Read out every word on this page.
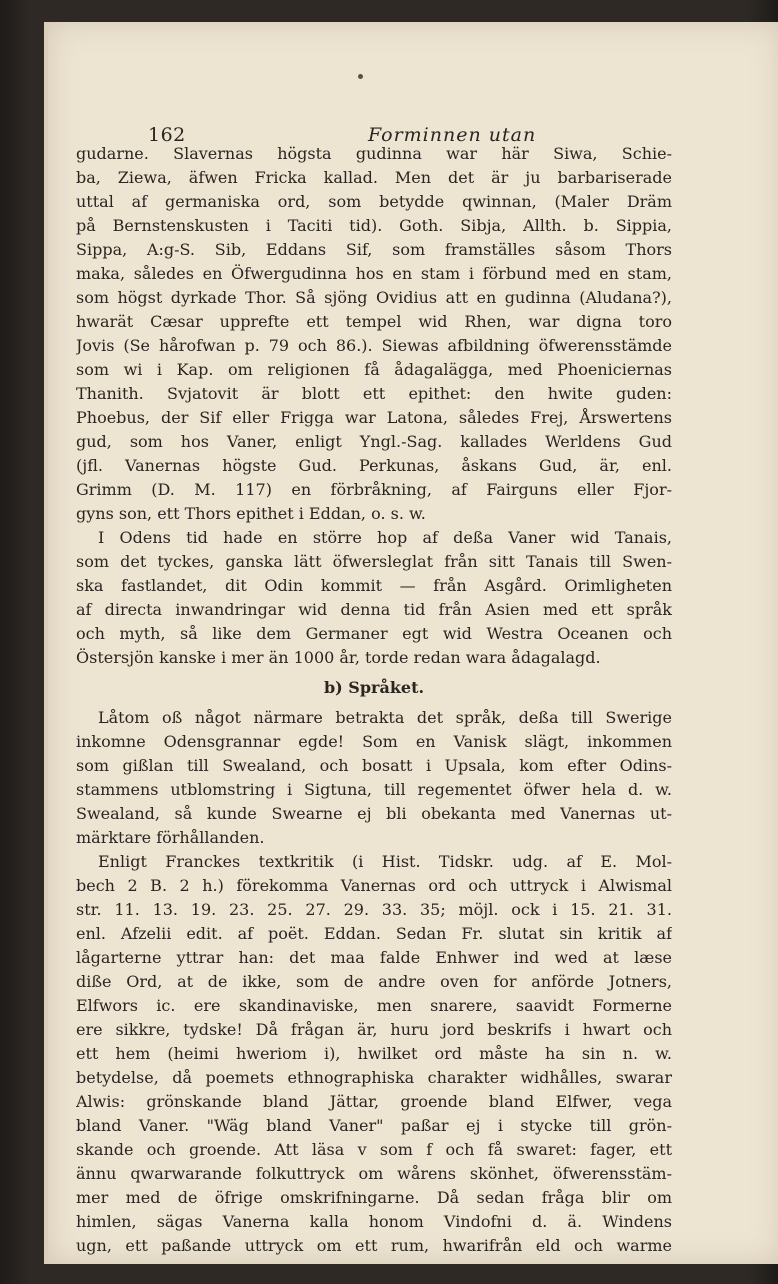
162	Forminnen utan
gudarne. Slavernas högsta gudinna war här Siwa, Schie-
ba, Ziewa, äfwen Fricka kallad. Men det är ju barbariserade
uttal af germaniska ord, som betydde qwinnan, (Maler Dräm
på Bernstenskusten i Taciti tid). Goth. Sibja, Allth. b. Sippia,
Sippa, A:g-S. Sib, Eddans Sif, som framställes såsom Thors
maka, således en Öfwergudinna hos en stam i förbund med en stam,
som högst dyrkade Thor. Så sjöng Ovidius att en gudinna (Aludana?),
hwarät Cæsar upprefte ett tempel wid Rhen, war digna toro
Jovis (Se hårofwan p. 79 och 86.). Siewas afbildning öfwerensstämde
som wi i Kap. om religionen få ådagalägga, med Phoeniciernas
Thanith. Svjatovit är blott ett epithet: den hwite guden:
Phoebus, der Sif eller Frigga war Latona, således Frej, Årswertens
gud, som hos Vaner, enligt Yngl.-Sag. kallades Werldens Gud
(jfl. Vanernas högste Gud. Perkunas, åskans Gud, är, enl.
Grimm (D. M. 117) en förbråkning, af Fairguns eller Fjor-
gyns son, ett Thors epithet i Eddan, o. s. w.
I Odens tid hade en större hop af deßa Vaner wid Tanais,
som det tyckes, ganska lätt öfwersleglat från sitt Tanais till Swen-
ska fastlandet, dit Odin kommit — från Asgård. Orimligheten
af directa inwandringar wid denna tid från Asien med ett språk
och myth, så like dem Germaner egt wid Westra Oceanen och
Östersjön kanske i mer än 1000 år, torde redan wara ådagalagd.
b) Språket.
Låtom oß något närmare betrakta det språk, deßa till Swerige
inkomne Odensgrannar egde! Som en Vanisk slägt, inkommen
som gißlan till Swealand, och bosatt i Upsala, kom efter Odins-
stammens utblomstring i Sigtuna, till regementet öfwer hela d. w.
Swealand, så kunde Swearne ej bli obekanta med Vanernas ut-
märktare förhållanden.
Enligt Franckes textkritik (i Hist. Tidskr. udg. af E. Mol-
bech 2 B. 2 h.) förekomma Vanernas ord och uttryck i Alwismal
str. 11. 13. 19. 23. 25. 27. 29. 33. 35; möjl. ock i 15. 21. 31.
enl. Afzelii edit. af poët. Eddan. Sedan Fr. slutat sin kritik af
lågarterne yttrar han: det maa falde Enhwer ind wed at læse
diße Ord, at de ikke, som de andre oven for anförde Jotners,
Elfwors ic. ere skandinaviske, men snarere, saavidt Formerne
ere sikkre, tydske! Då frågan är, huru jord beskrifs i hwart och
ett hem (heimi hweriom i), hwilket ord måste ha sin n. w.
betydelse, då poemets ethnographiska charakter widhålles, swarar
Alwis: grönskande bland Jättar, groende bland Elfwer, vega
bland Vaner. "Wäg bland Vaner" paßar ej i stycke till grön-
skande och groende. Att läsa v som f och få swaret: fager, ett
ännu qwarwarande folkuttryck om wårens skönhet, öfwerensstäm-
mer med de öfrige omskrifningarne. Då sedan fråga blir om
himlen, sägas Vanerna kalla honom Vindofni d. ä. Windens
ugn, ett paßande uttryck om ett rum, hwarifrån eld och warme
